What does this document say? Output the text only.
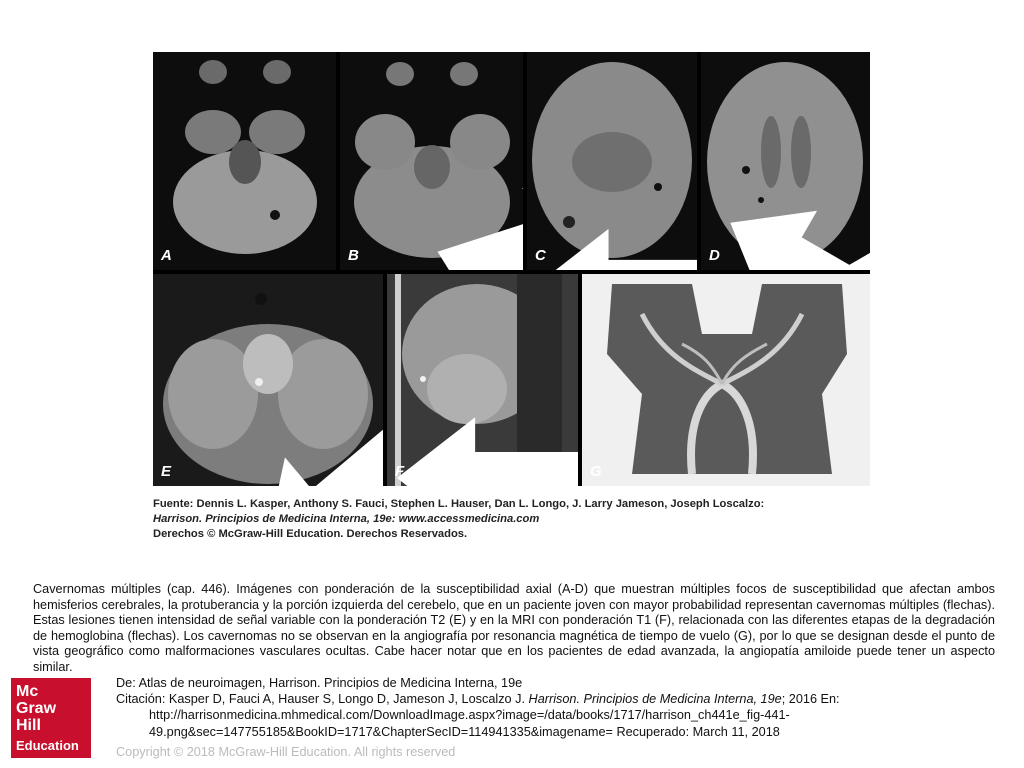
A	B	C	D
E	F	G
Fuente: Dennis L. Kasper, Anthony S. Fauci, Stephen L. Hauser, Dan L. Longo, J. Larry Jameson, Joseph Loscalzo:
Harrison. Principios de Medicina Interna, 19e: www.accessmedicina.com
Derechos © McGraw-Hill Education. Derechos Reservados.
Cavernomas múltiples (cap. 446). Imágenes con ponderación de la susceptibilidad axial (A-D) que muestran múltiples focos de susceptibilidad que afectan ambos hemisferios cerebrales, la protuberancia y la porción izquierda del cerebelo, que en un paciente joven con mayor probabilidad representan cavernomas múltiples (flechas). Estas lesiones tienen intensidad de señal variable con la ponderación T2 (E) y en la MRI con ponderación T1 (F), relacionada con las diferentes etapas de la degradación de hemoglobina (flechas). Los cavernomas no se observan en la angiografía por resonancia magnética de tiempo de vuelo (G), por lo que se designan desde el punto de vista geográfico como malformaciones vasculares ocultas. Cabe hacer notar que en los pacientes de edad avanzada, la angiopatía amiloide puede tener un aspecto similar.
Mc
Graw
Hill
Education
De: Atlas de neuroimagen, Harrison. Principios de Medicina Interna, 19e
Citación: Kasper D, Fauci A, Hauser S, Longo D, Jameson J, Loscalzo J. Harrison. Principios de Medicina Interna, 19e; 2016 En:
http://harrisonmedicina.mhmedical.com/DownloadImage.aspx?image=/data/books/1717/harrison_ch441e_fig-441-
49.png&sec=147755185&BookID=1717&ChapterSecID=114941335&imagename= Recuperado: March 11, 2018
Copyright © 2018 McGraw-Hill Education. All rights reserved
